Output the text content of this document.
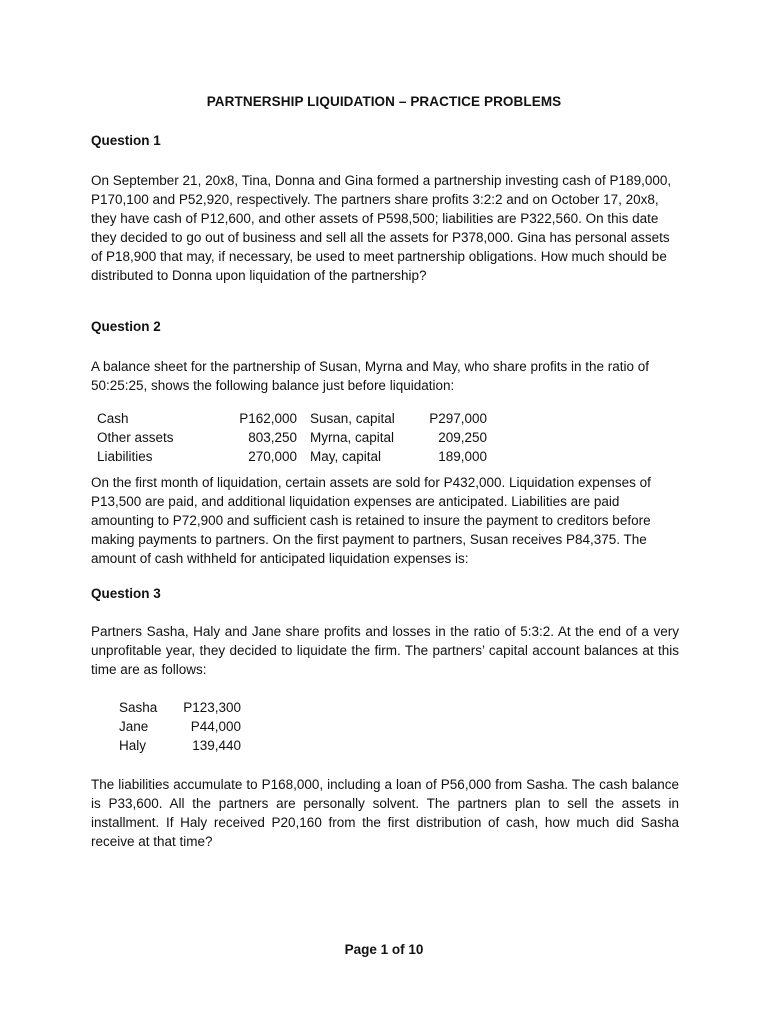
PARTNERSHIP LIQUIDATION – PRACTICE PROBLEMS
Question 1

On September 21, 20x8, Tina, Donna and Gina formed a partnership investing cash of P189,000, P170,100 and P52,920, respectively. The partners share profits 3:2:2 and on October 17, 20x8, they have cash of P12,600, and other assets of P598,500; liabilities are P322,560. On this date they decided to go out of business and sell all the assets for P378,000. Gina has personal assets of P18,900 that may, if necessary, be used to meet partnership obligations. How much should be distributed to Donna upon liquidation of the partnership?

Question 2

A balance sheet for the partnership of Susan, Myrna and May, who share profits in the ratio of 50:25:25, shows the following balance just before liquidation:

Cash	P162,000 Susan, capital	P297,000
Other assets	803,250 Myrna, capital	209,250
Liabilities	270,000 May, capital	189,000

On the first month of liquidation, certain assets are sold for P432,000. Liquidation expenses of P13,500 are paid, and additional liquidation expenses are anticipated. Liabilities are paid amounting to P72,900 and sufficient cash is retained to insure the payment to creditors before making payments to partners. On the first payment to partners, Susan receives P84,375. The amount of cash withheld for anticipated liquidation expenses is:

Question 3

Partners Sasha, Haly and Jane share profits and losses in the ratio of 5:3:2. At the end of a very unprofitable year, they decided to liquidate the firm. The partners’ capital account balances at this time are as follows:

Sasha P123,300
Jane	P44,000
Haly	139,440

The liabilities accumulate to P168,000, including a loan of P56,000 from Sasha. The cash balance is P33,600. All the partners are personally solvent. The partners plan to sell the assets in installment. If Haly received P20,160 from the first distribution of cash, how much did Sasha receive at that time?

Page 1 of 10
